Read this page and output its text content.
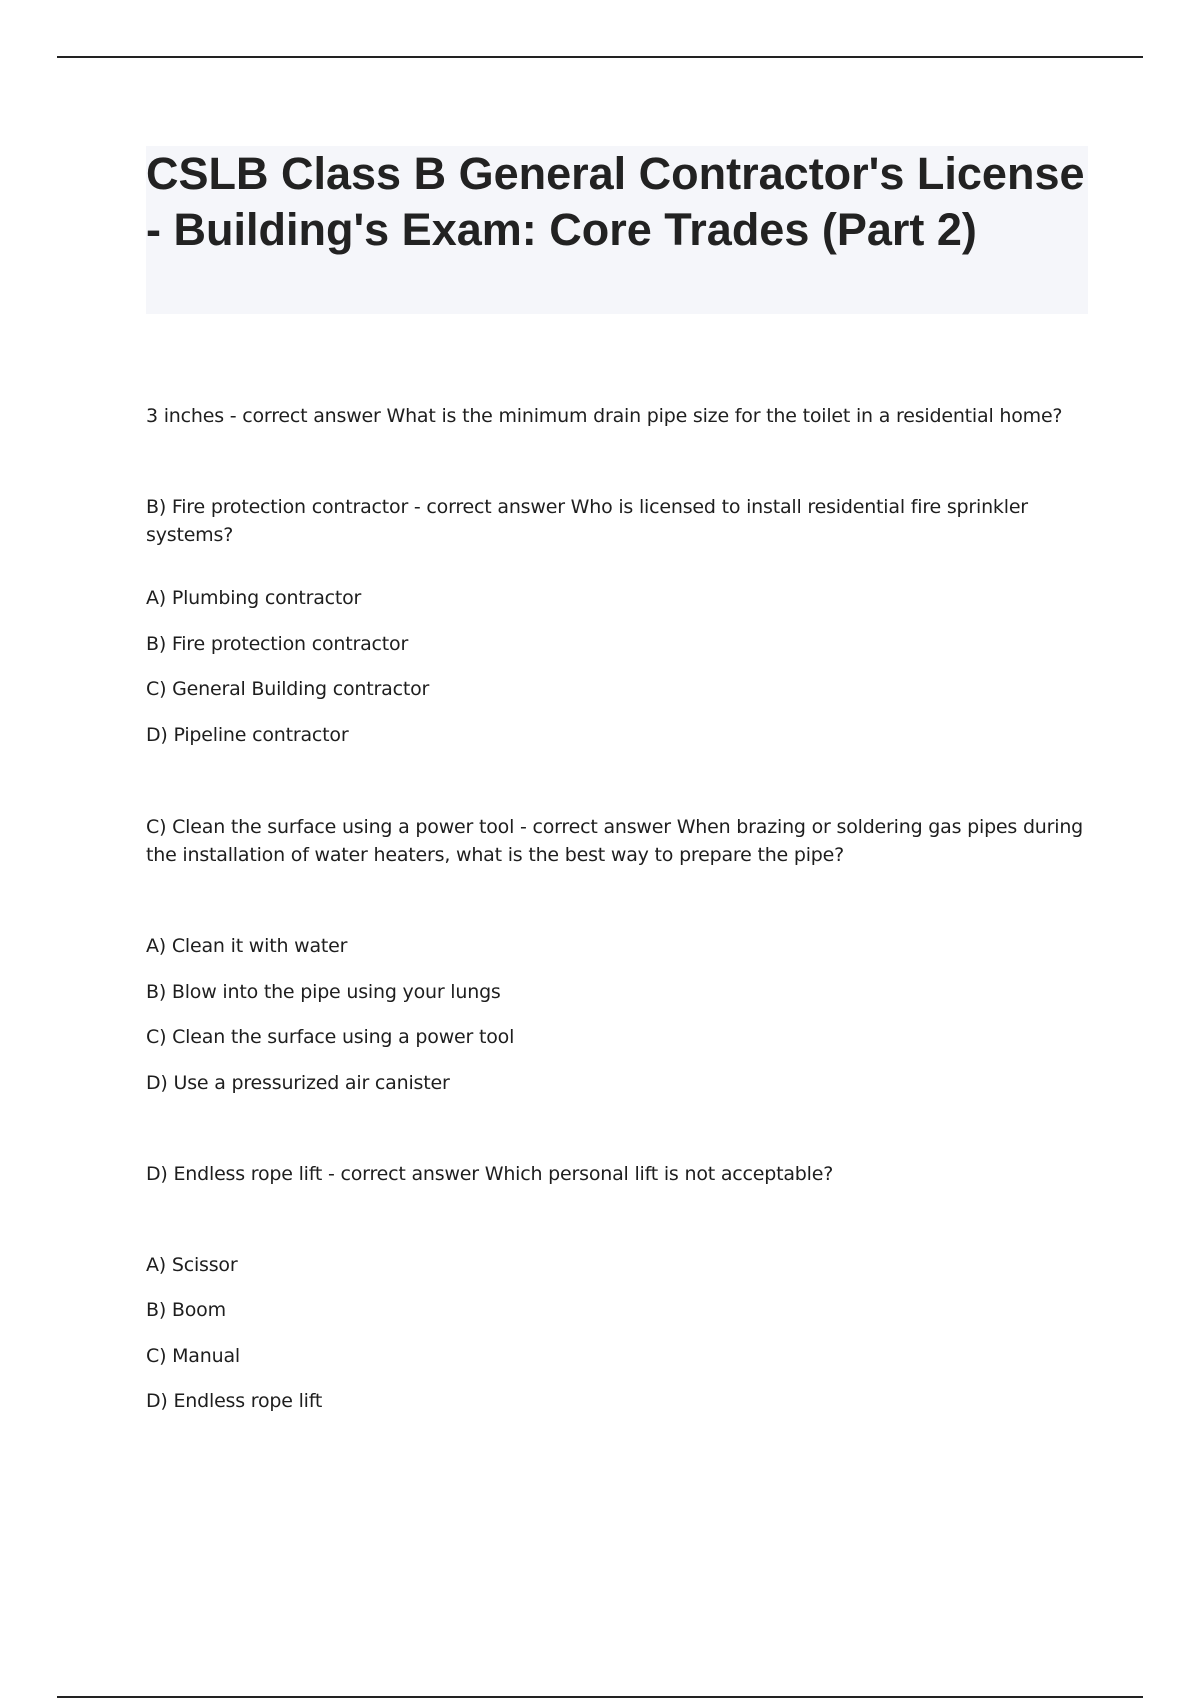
CSLB Class B General Contractor's License - Building's Exam: Core Trades (Part 2)

3 inches - correct answer What is the minimum drain pipe size for the toilet in a residential home?

B) Fire protection contractor - correct answer Who is licensed to install residential fire sprinkler systems?

A) Plumbing contractor
B) Fire protection contractor
C) General Building contractor
D) Pipeline contractor

C) Clean the surface using a power tool - correct answer When brazing or soldering gas pipes during the installation of water heaters, what is the best way to prepare the pipe?

A) Clean it with water
B) Blow into the pipe using your lungs
C) Clean the surface using a power tool
D) Use a pressurized air canister

D) Endless rope lift - correct answer Which personal lift is not acceptable?

A) Scissor
B) Boom
C) Manual
D) Endless rope lift
